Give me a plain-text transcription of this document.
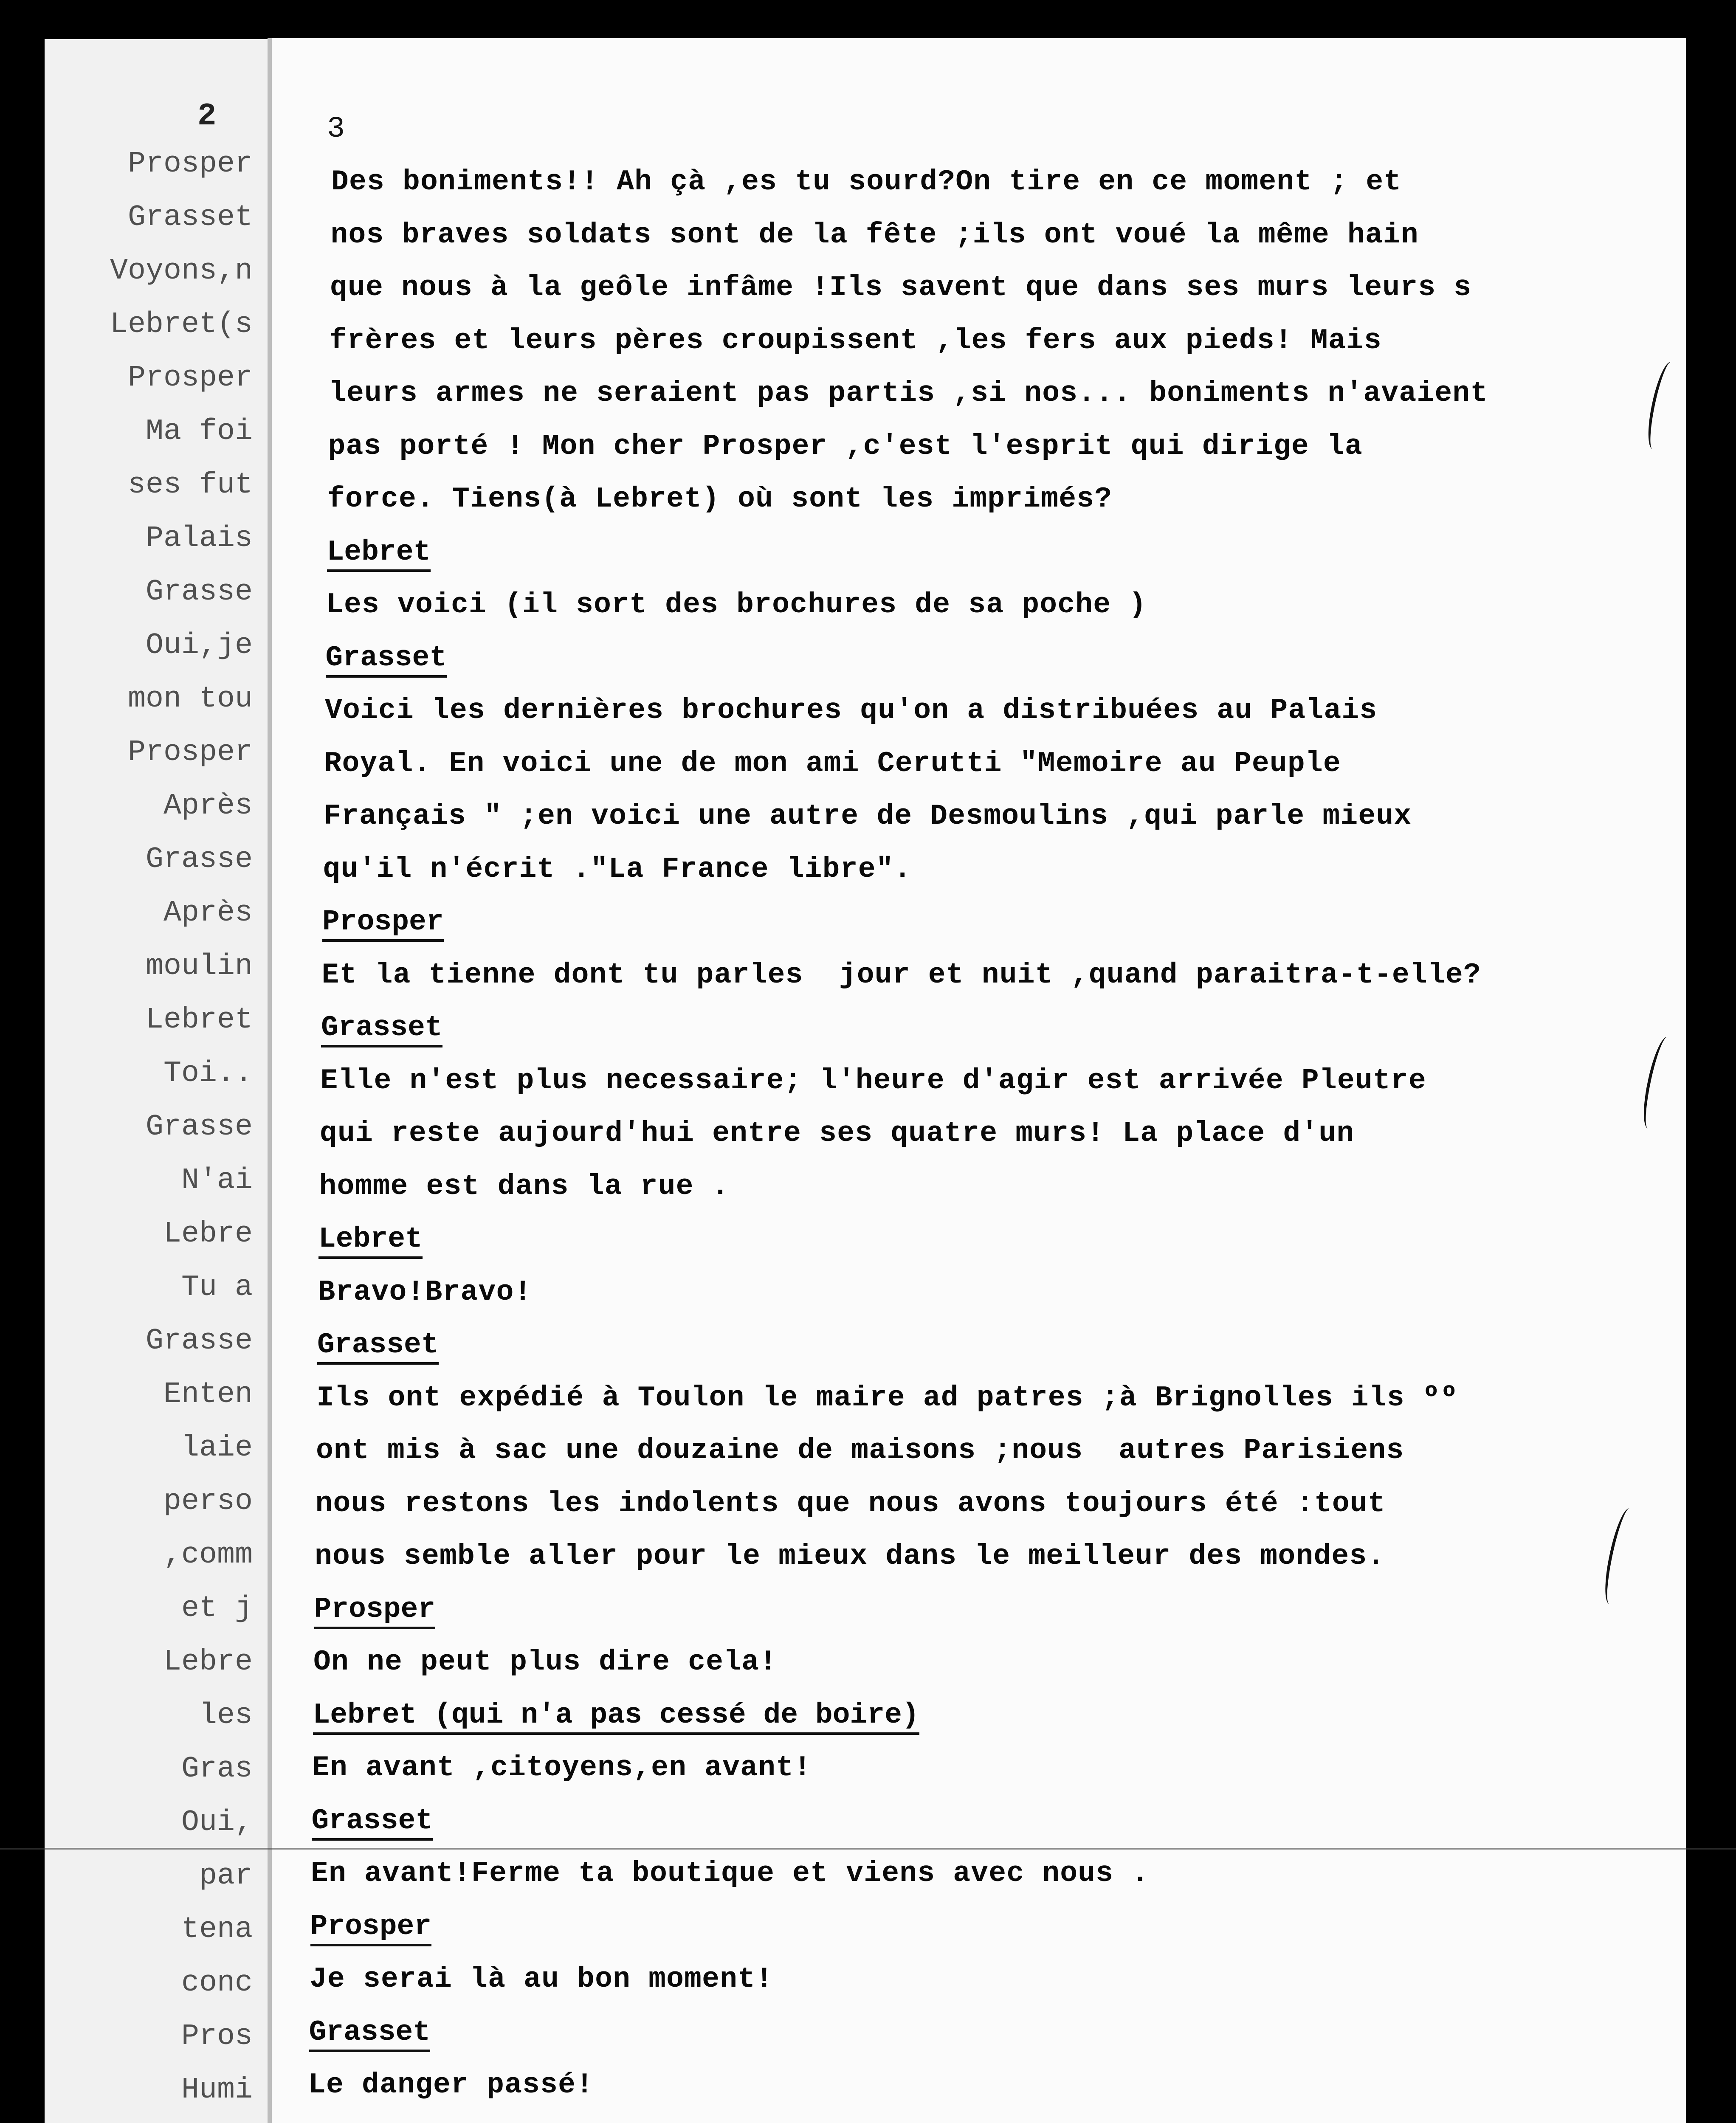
2
Prosper
Grasset
Voyons,n
Lebret(s
Prosper
Ma foi
ses fut
Palais
Grasse
Oui,je
mon tou
Prosper
Après
Grasse
Après
moulin
Lebret
Toi..
Grasse
N'ai
Lebre
Tu a
Grasse
Enten
laie
perso
,comm
et j
Lebre
les
Gras
Oui,
par
tena
conc
Pros
Humi
3
Des bonimentsǃ! Ah çà ,es tu sourd?On tire en ce moment ; et
nos braves soldats sont de la fête ;ils ont voué la même hain
que nous à la geôle infâme !Ils savent que dans ses murs leurs s
frères et leurs pères croupissent ,les fers aux pieds! Mais
leurs armes ne seraient pas partis ,si nos... boniments n'avaient
pas porté ! Mon cher Prosper ,c'est l'esprit qui dirige la
force. Tiens(à Lebret) où sont les imprimés?
Lebret
Les voici (il sort des brochures de sa poche )
Grasset
Voici les dernières brochures qu'on a distribuées au Palais
Royal. En voici une de mon ami Cerutti "Memoire au Peuple
Français " ;en voici une autre de Desmoulins ,qui parle mieux
qu'il n'écrit ."La France libre".
Prosper
Et la tienne dont tu parles  jour et nuit ,quand paraitra-t-elle?
Grasset
Elle n'est plus necessaire; l'heure d'agir est arrivée Pleutre
qui reste aujourd'hui entre ses quatre murs! La place d'un
homme est dans la rue .
Lebret
Bravo!Bravo!
Grasset
Ils ont expédié à Toulon le maire ad patres ;à Brignolles ils ºº
ont mis à sac une douzaine de maisons ;nous  autres Parisiens
nous restons les indolents que nous avons toujours été :tout
nous semble aller pour le mieux dans le meilleur des mondes.
Prosper
On ne peut plus dire cela!
Lebret (qui n'a pas cessé de boire)
En avant ,citoyens,en avant!
Grasset
En avant!Ferme ta boutique et viens avec nous .
Prosper
Je serai là au bon moment!
Grasset
Le danger passé!
